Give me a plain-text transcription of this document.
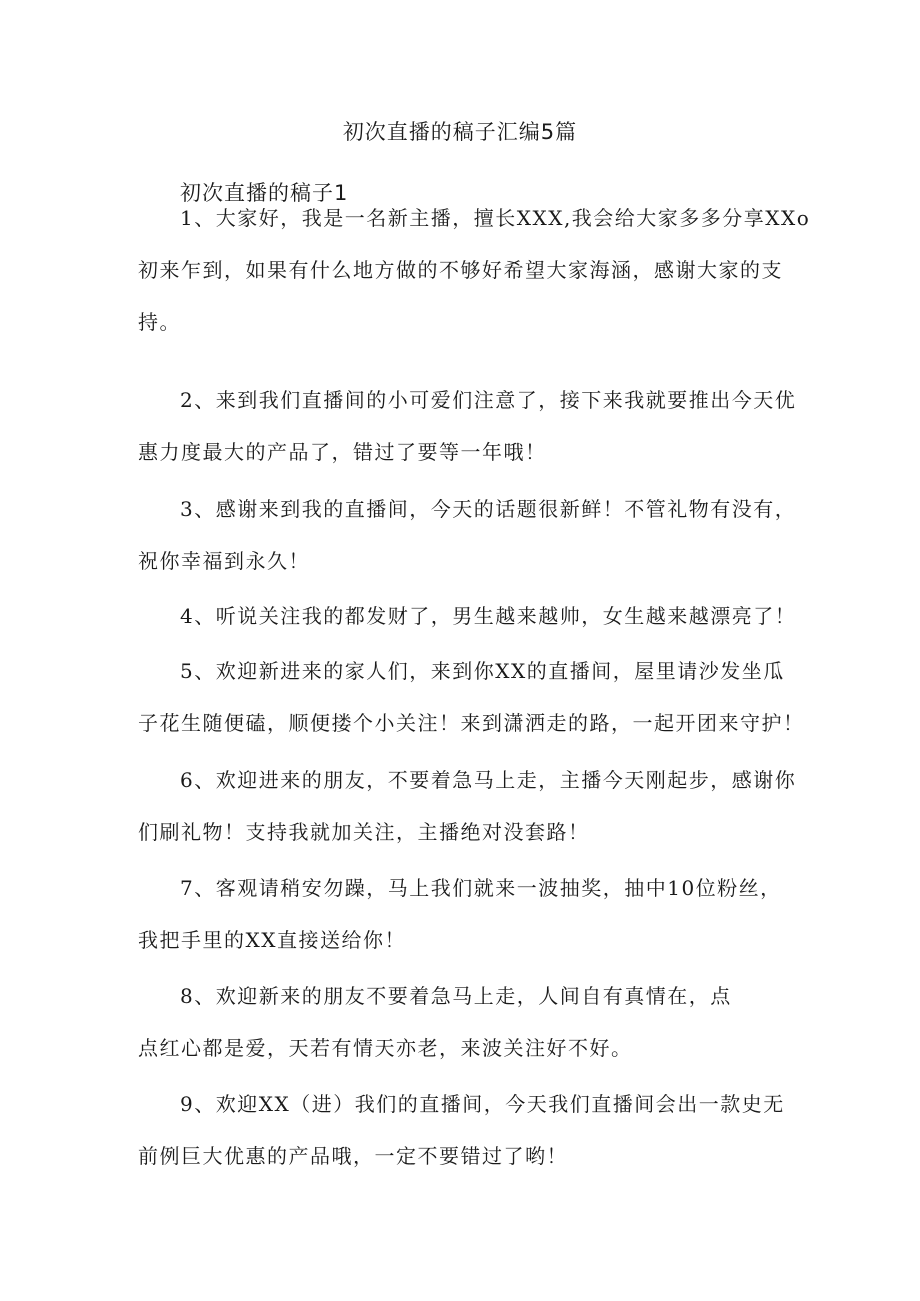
初次直播的稿子汇编5篇
初次直播的稿子1
1、大家好，我是一名新主播，擅长XXX,我会给大家多多分享XXo
初来乍到，如果有什么地方做的不够好希望大家海涵，感谢大家的支
持。
2、来到我们直播间的小可爱们注意了，接下来我就要推出今天优
惠力度最大的产品了，错过了要等一年哦！
3、感谢来到我的直播间，今天的话题很新鲜！不管礼物有没有，
祝你幸福到永久！
4、听说关注我的都发财了，男生越来越帅，女生越来越漂亮了！
5、欢迎新进来的家人们，来到你XX的直播间，屋里请沙发坐瓜
子花生随便磕，顺便搂个小关注！来到潇洒走的路，一起开团来守护！
6、欢迎进来的朋友，不要着急马上走，主播今天刚起步，感谢你
们刷礼物！支持我就加关注，主播绝对没套路！
7、客观请稍安勿躁，马上我们就来一波抽奖，抽中10位粉丝，
我把手里的XX直接送给你！
8、欢迎新来的朋友不要着急马上走，人间自有真情在，点
点红心都是爱，天若有情天亦老，来波关注好不好。
9、欢迎XX（进）我们的直播间，今天我们直播间会出一款史无
前例巨大优惠的产品哦，一定不要错过了哟！
